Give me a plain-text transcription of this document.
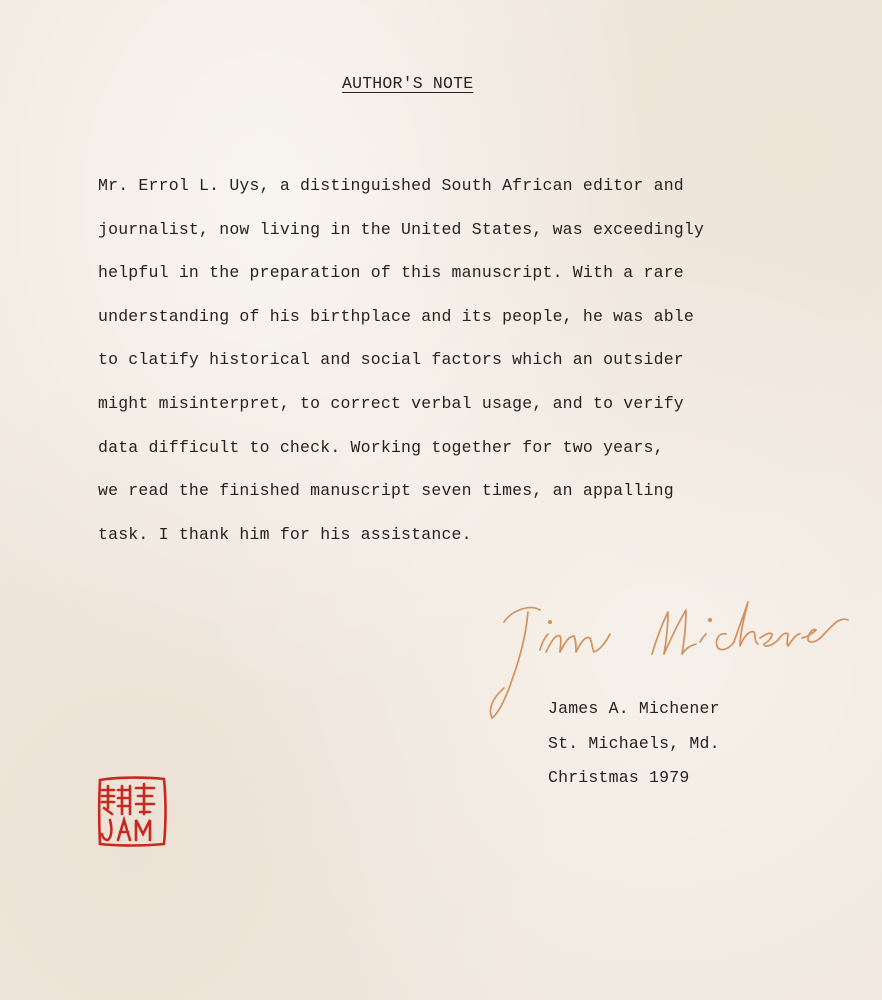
AUTHOR'S NOTE

Mr. Errol L. Uys, a distinguished South African editor and
journalist, now living in the United States, was exceedingly
helpful in the preparation of this manuscript. With a rare
understanding of his birthplace and its people, he was able
to clatify historical and social factors which an outsider
might misinterpret, to correct verbal usage, and to verify
data difficult to check. Working together for two years,
we read the finished manuscript seven times, an appalling
task. I thank him for his assistance.

James A. Michener
St. Michaels, Md.
Christmas 1979
